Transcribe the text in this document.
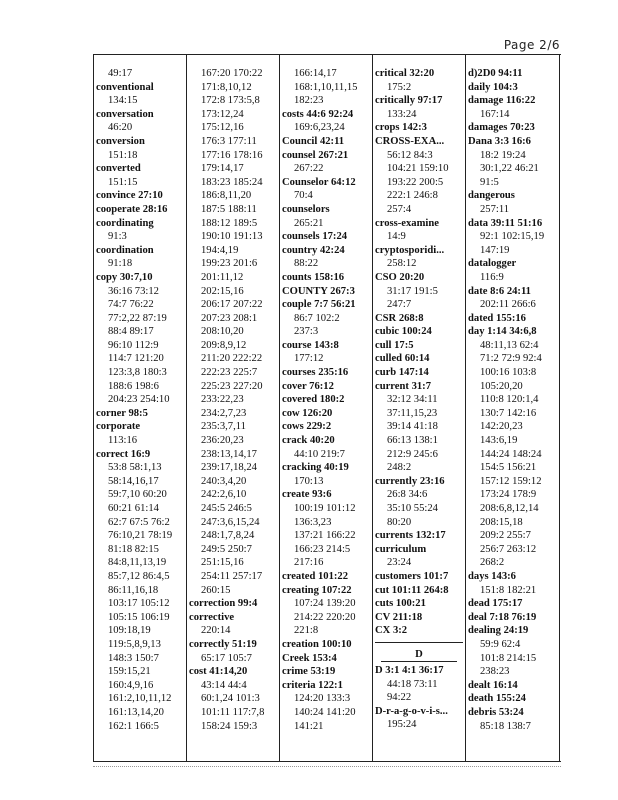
Page 2/6
49:17
conventional
134:15
conversation
46:20
conversion
151:18
converted
151:15
convince 27:10
cooperate 28:16
coordinating
91:3
coordination
91:18
copy 30:7,10
36:16 73:12
74:7 76:22
77:2,22 87:19
88:4 89:17
96:10 112:9
114:7 121:20
123:3,8 180:3
188:6 198:6
204:23 254:10
corner 98:5
corporate
113:16
correct 16:9
53:8 58:1,13
58:14,16,17
59:7,10 60:20
60:21 61:14
62:7 67:5 76:2
76:10,21 78:19
81:18 82:15
84:8,11,13,19
85:7,12 86:4,5
86:11,16,18
103:17 105:12
105:15 106:19
109:18,19
119:5,8,9,13
148:3 150:7
159:15,21
160:4,9,16
161:2,10,11,12
161:13,14,20
162:1 166:5
167:20 170:22
171:8,10,12
172:8 173:5,8
173:12,24
175:12,16
176:3 177:11
177:16 178:16
179:14,17
183:23 185:24
186:8,11,20
187:5 188:11
188:12 189:5
190:10 191:13
194:4,19
199:23 201:6
201:11,12
202:15,16
206:17 207:22
207:23 208:1
208:10,20
209:8,9,12
211:20 222:22
222:23 225:7
225:23 227:20
233:22,23
234:2,7,23
235:3,7,11
236:20,23
238:13,14,17
239:17,18,24
240:3,4,20
242:2,6,10
245:5 246:5
247:3,6,15,24
248:1,7,8,24
249:5 250:7
251:15,16
254:11 257:17
260:15
correction 99:4
corrective
220:14
correctly 51:19
65:17 105:7
cost 41:14,20
43:14 44:4
60:1,24 101:3
101:11 117:7,8
158:24 159:3
166:14,17
168:1,10,11,15
182:23
costs 44:6 92:24
169:6,23,24
Council 42:11
counsel 267:21
267:22
Counselor 64:12
70:4
counselors
265:21
counsels 17:24
country 42:24
88:22
counts 158:16
COUNTY 267:3
couple 7:7 56:21
86:7 102:2
237:3
course 143:8
177:12
courses 235:16
cover 76:12
covered 180:2
cow 126:20
cows 229:2
crack 40:20
44:10 219:7
cracking 40:19
170:13
create 93:6
100:19 101:12
136:3,23
137:21 166:22
166:23 214:5
217:16
created 101:22
creating 107:22
107:24 139:20
214:22 220:20
221:8
creation 100:10
Creek 153:4
crime 53:19
criteria 122:1
124:20 133:3
140:24 141:20
141:21
critical 32:20
175:2
critically 97:17
133:24
crops 142:3
CROSS-EXA...
56:12 84:3
104:21 159:10
193:22 200:5
222:1 246:8
257:4
cross-examine
14:9
cryptosporidi...
258:12
CSO 20:20
31:17 191:5
247:7
CSR 268:8
cubic 100:24
cull 17:5
culled 60:14
curb 147:14
current 31:7
32:12 34:11
37:11,15,23
39:14 41:18
66:13 138:1
212:9 245:6
248:2
currently 23:16
26:8 34:6
35:10 55:24
80:20
currents 132:17
curriculum
23:24
customers 101:7
cut 101:11 264:8
cuts 100:21
CV 211:18
CX 3:2
D
D 3:1 4:1 36:17
44:18 73:11
94:22
D-r-a-g-o-v-i-s...
195:24
d)2D0 94:11
daily 104:3
damage 116:22
167:14
damages 70:23
Dana 3:3 16:6
18:2 19:24
30:1,22 46:21
91:5
dangerous
257:11
data 39:11 51:16
92:1 102:15,19
147:19
datalogger
116:9
date 8:6 24:11
202:11 266:6
dated 155:16
day 1:14 34:6,8
48:11,13 62:4
71:2 72:9 92:4
100:16 103:8
105:20,20
110:8 120:1,4
130:7 142:16
142:20,23
143:6,19
144:24 148:24
154:5 156:21
157:12 159:12
173:24 178:9
208:6,8,12,14
208:15,18
209:2 255:7
256:7 263:12
268:2
days 143:6
151:8 182:21
dead 175:17
deal 7:18 76:19
dealing 24:19
59:9 62:4
101:8 214:15
238:23
dealt 16:14
death 155:24
debris 53:24
85:18 138:7
